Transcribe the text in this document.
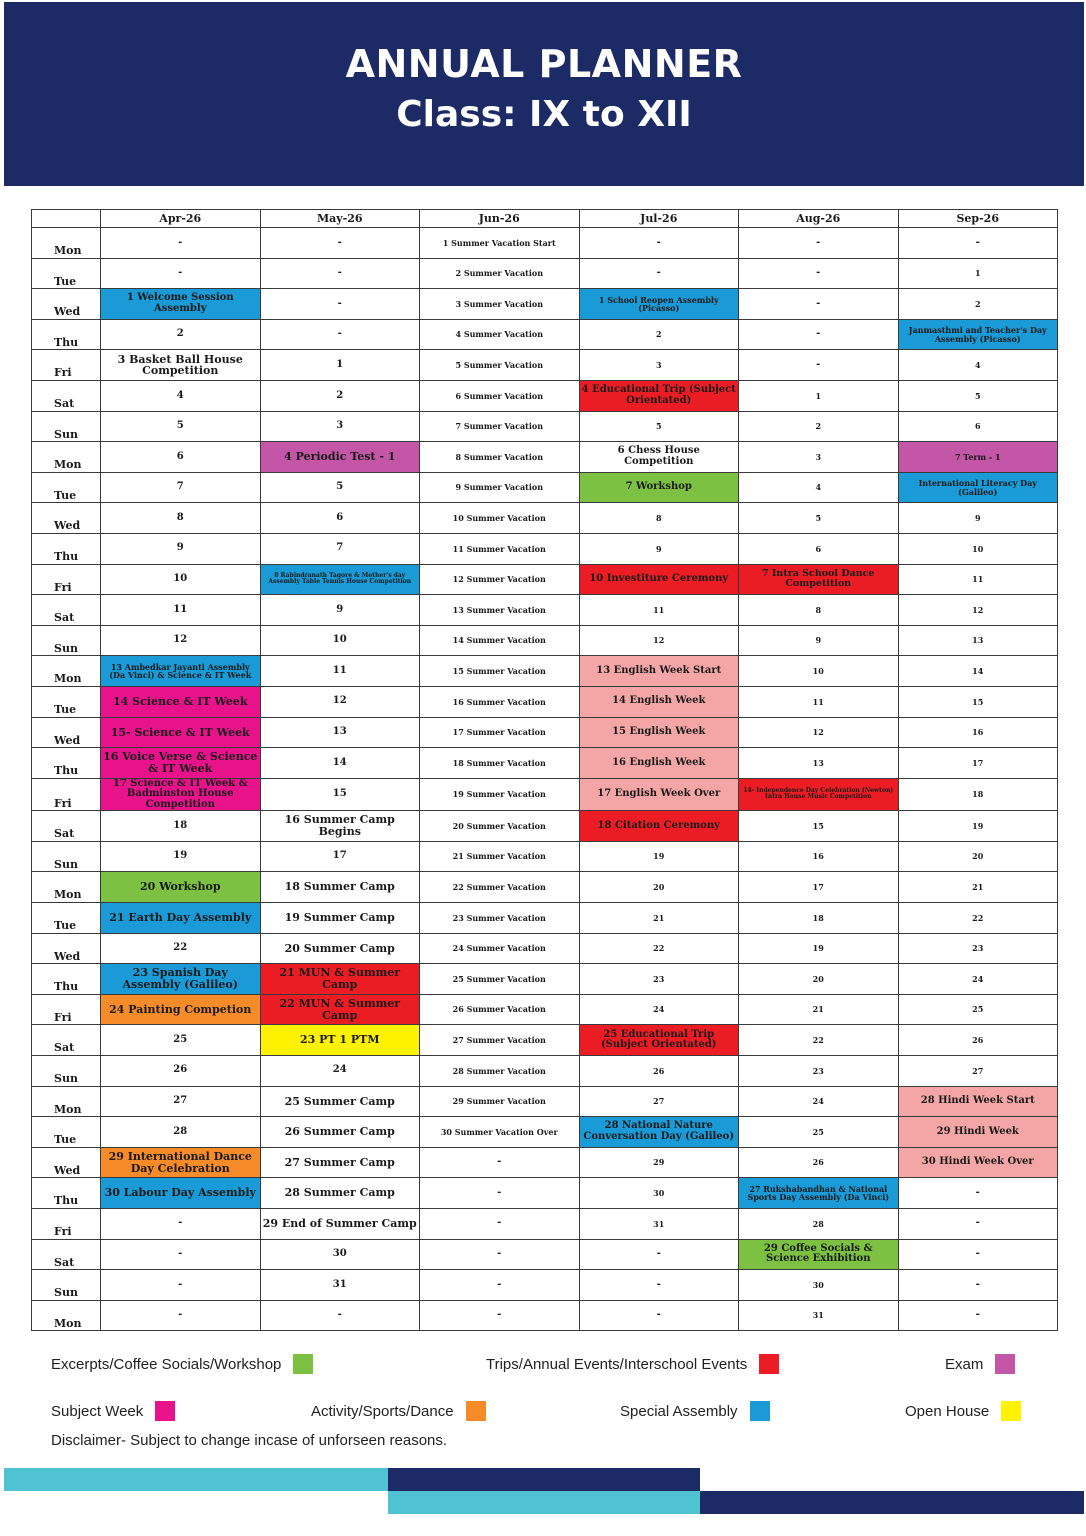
ANNUAL PLANNER
Class: IX to XII
	Apr-26	May-26	Jun-26	Jul-26	Aug-26	Sep-26
Mon	-	-	1 Summer Vacation Start	-	-	-
Tue	-	-	2 Summer Vacation	-	-	1
Wed	1 Welcome Session Assembly	-	3 Summer Vacation	1 School Reopen Assembly (Picasso)	-	2
Thu	2	-	4 Summer Vacation	2	-	Janmasthmi and Teacher's Day Assembly (Picasso)
Fri	3 Basket Ball House Competition	1	5 Summer Vacation	3	-	4
Sat	4	2	6 Summer Vacation	4 Educational Trip (Subject Orientated)	1	5
Sun	5	3	7 Summer Vacation	5	2	6
Mon	6	4 Periodic Test - 1	8 Summer Vacation	6 Chess House Competition	3	7 Term - 1
Tue	7	5	9 Summer Vacation	7 Workshop	4	International Literacy Day (Galileo)
Wed	8	6	10 Summer Vacation	8	5	9
Thu	9	7	11 Summer Vacation	9	6	10
Fri	10	8 Rabindranath Tagore & Mother's day Assembly Table Tennis House Competition	12 Summer Vacation	10 Investiture Ceremony	7 Intra School Dance Competition	11
Sat	11	9	13 Summer Vacation	11	8	12
Sun	12	10	14 Summer Vacation	12	9	13
Mon	13 Ambedkar Jayanti Assembly (Da Vinci) & Science & IT Week	11	15 Summer Vacation	13 English Week Start	10	14
Tue	14 Science & IT Week	12	16 Summer Vacation	14 English Week	11	15
Wed	15- Science & IT Week	13	17 Summer Vacation	15 English Week	12	16
Thu	16 Voice Verse & Science & IT Week	14	18 Summer Vacation	16 English Week	13	17
Fri	17 Science & IT Week & Badminston House Competition	15	19 Summer Vacation	17 English Week Over	14- Independence Day Celebration (Newton) Intra House Music Competition	18
Sat	18	16 Summer Camp Begins	20 Summer Vacation	18 Citation Ceremony	15	19
Sun	19	17	21 Summer Vacation	19	16	20
Mon	20 Workshop	18 Summer Camp	22 Summer Vacation	20	17	21
Tue	21 Earth Day Assembly	19 Summer Camp	23 Summer Vacation	21	18	22
Wed	22	20 Summer Camp	24 Summer Vacation	22	19	23
Thu	23 Spanish Day Assembly (Galileo)	21 MUN & Summer Camp	25 Summer Vacation	23	20	24
Fri	24 Painting Competion	22 MUN & Summer Camp	26 Summer Vacation	24	21	25
Sat	25	23 PT 1 PTM	27 Summer Vacation	25 Educational Trip (Subject Orientated)	22	26
Sun	26	24	28 Summer Vacation	26	23	27
Mon	27	25 Summer Camp	29 Summer Vacation	27	24	28 Hindi Week Start
Tue	28	26 Summer Camp	30 Summer Vacation Over	28 National Nature Conversation Day (Galileo)	25	29 Hindi Week
Wed	29 International Dance Day Celebration	27 Summer Camp	-	29	26	30 Hindi Week Over
Thu	30 Labour Day Assembly	28 Summer Camp	-	30	27 Rukshabandhan & National Sports Day Assembly (Da Vinci)	-
Fri	-	29 End of Summer Camp	-	31	28	-
Sat	-	30	-	-	29 Coffee Socials & Science Exhibition	-
Sun	-	31	-	-	30	-
Mon	-	-	-	-	31	-
Excerpts/Coffee Socials/Workshop	Trips/Annual Events/Interschool Events	Exam
Subject Week	Activity/Sports/Dance	Special Assembly	Open House
Disclaimer- Subject to change incase of unforseen reasons.
